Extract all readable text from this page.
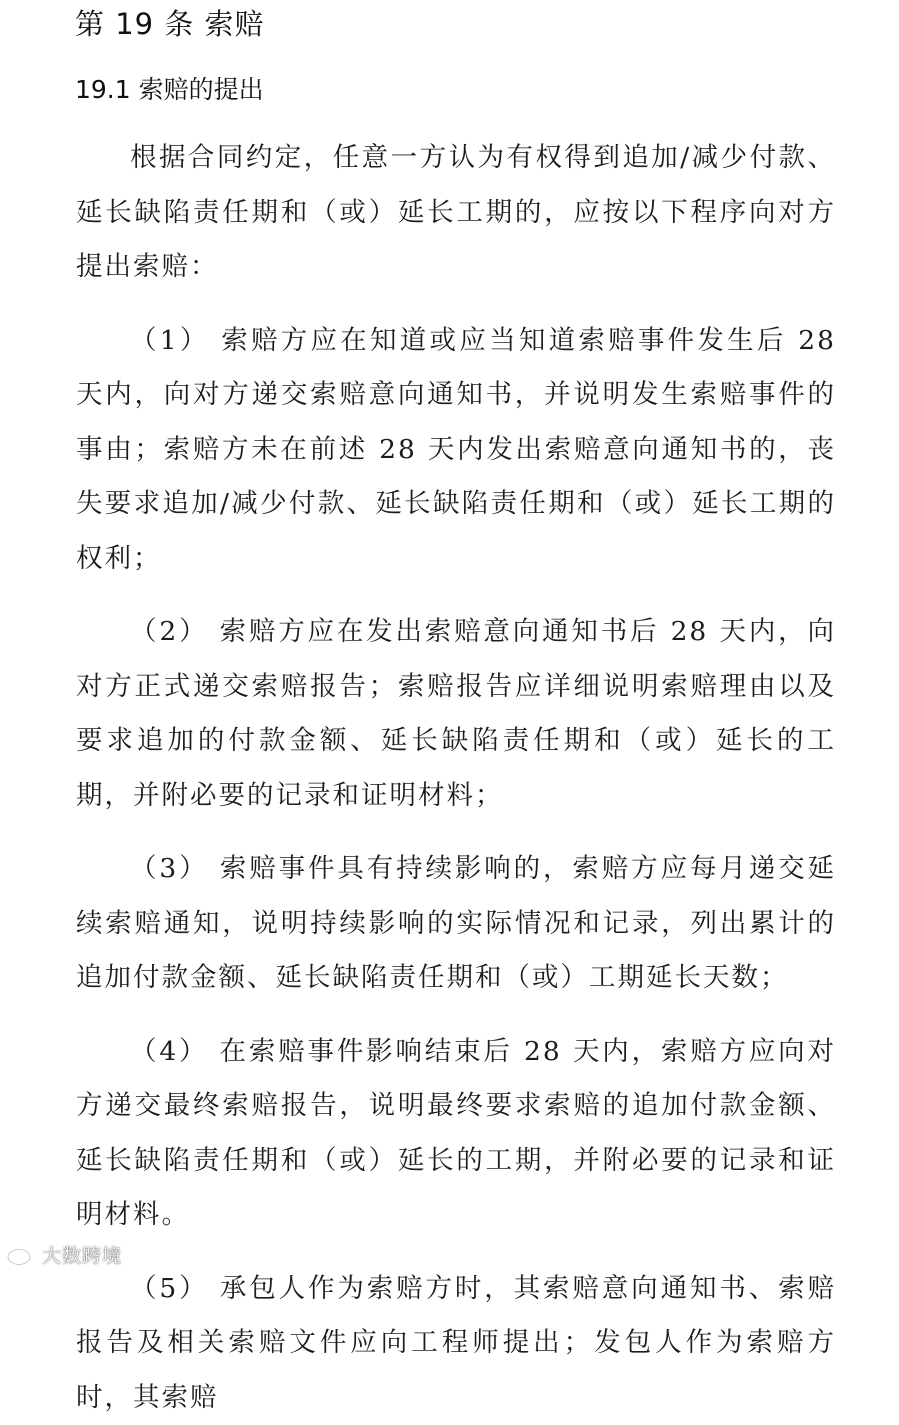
第 19 条 索赔
19.1 索赔的提出

根据合同约定，任意一方认为有权得到追加/减少付款、延长缺陷责任期和（或）延长工期的，应按以下程序向对方提出索赔：

（1） 索赔方应在知道或应当知道索赔事件发生后 28 天内，向对方递交索赔意向通知书，并说明发生索赔事件的事由；索赔方未在前述 28 天内发出索赔意向通知书的，丧失要求追加/减少付款、延长缺陷责任期和（或）延长工期的权利；

（2） 索赔方应在发出索赔意向通知书后 28 天内，向对方正式递交索赔报告；索赔报告应详细说明索赔理由以及要求追加的付款金额、延长缺陷责任期和（或）延长的工期，并附必要的记录和证明材料；

（3） 索赔事件具有持续影响的，索赔方应每月递交延续索赔通知，说明持续影响的实际情况和记录，列出累计的追加付款金额、延长缺陷责任期和（或）工期延长天数；

（4） 在索赔事件影响结束后 28 天内，索赔方应向对方递交最终索赔报告，说明最终要求索赔的追加付款金额、延长缺陷责任期和（或）延长的工期，并附必要的记录和证明材料。

（5） 承包人作为索赔方时，其索赔意向通知书、索赔报告及相关索赔文件应向工程师提出；发包人作为索赔方时，其索赔

大数跨境
